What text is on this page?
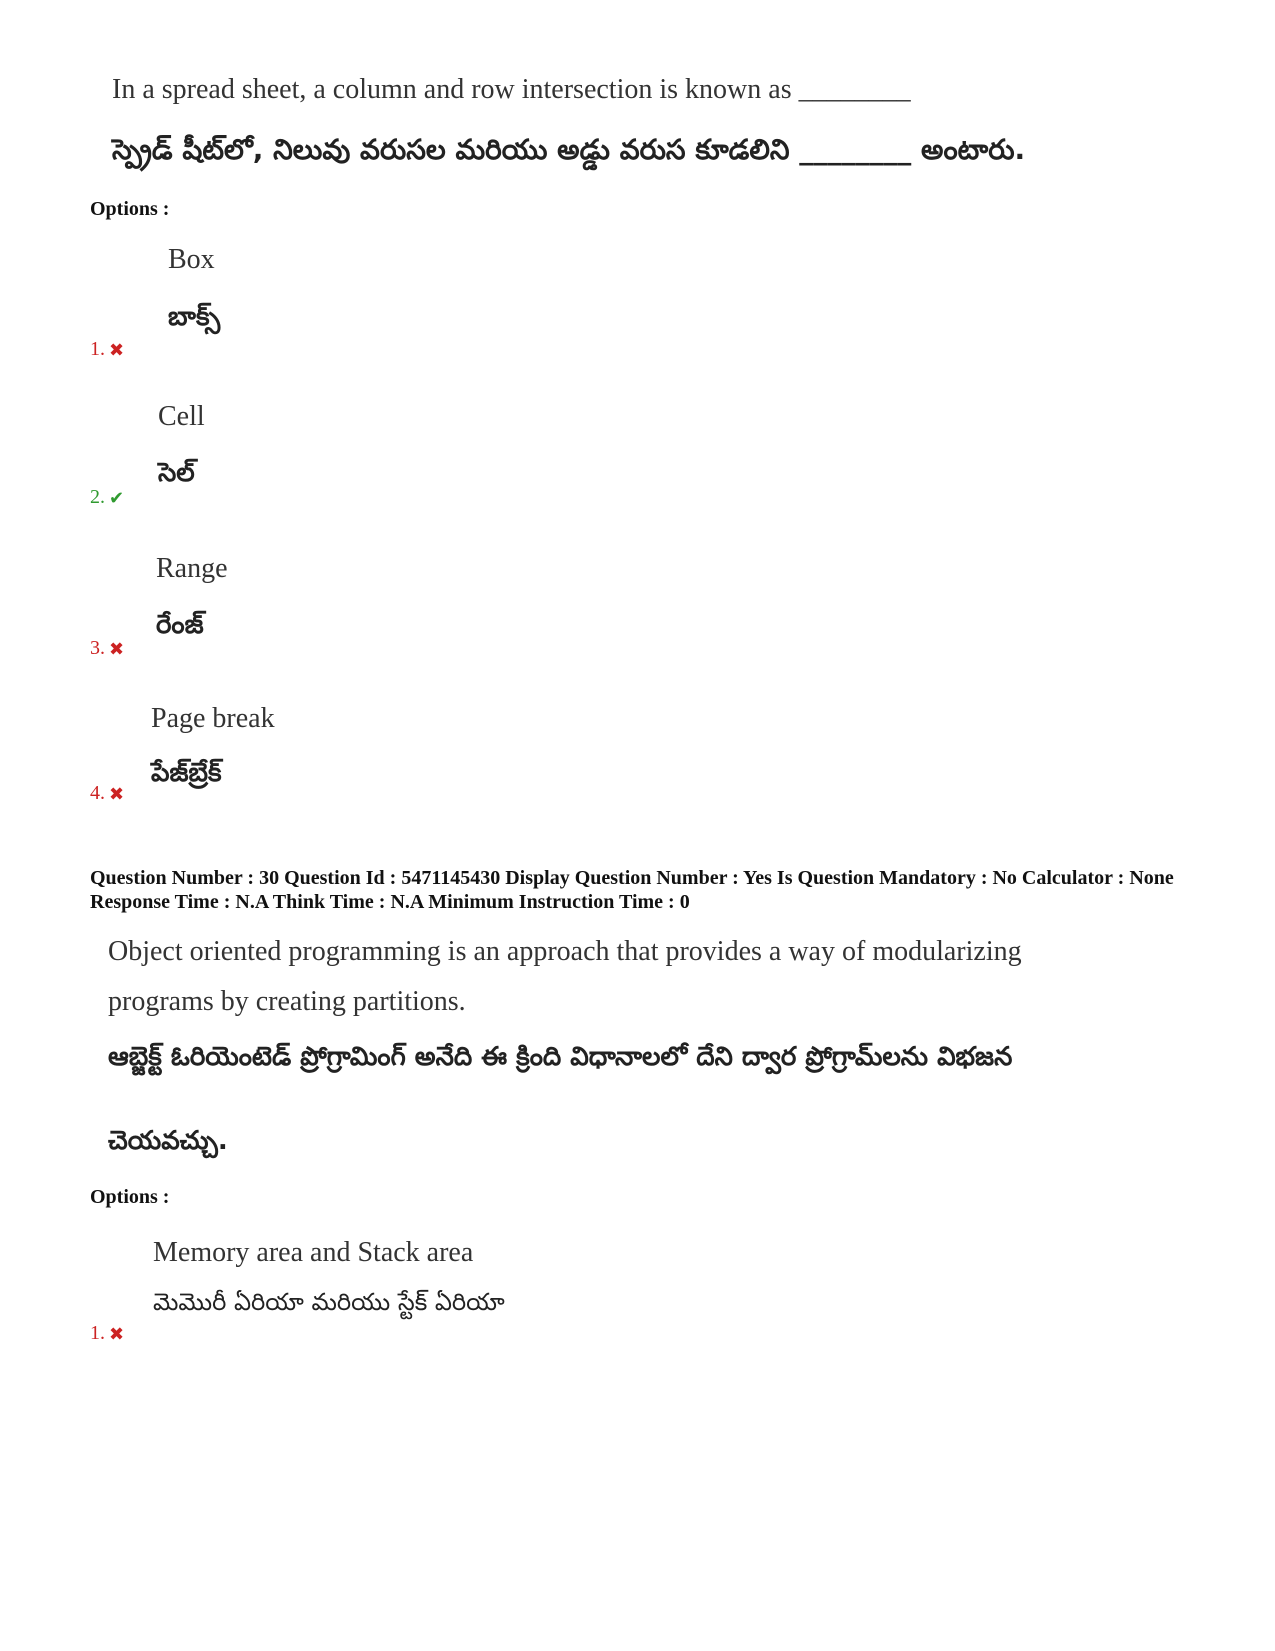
In a spread sheet, a column and row intersection is known as ________
స్ప్రెడ్ షీట్‌లో, నిలువు వరుసల మరియు అడ్డు వరుస కూడలిని ________ అంటారు.
Options :
Box
బాక్స్
1. ✖
Cell
సెల్
2. ✔
Range
రేంజ్
3. ✖
Page break
పేజ్‌బ్రేక్
4. ✖
Question Number : 30 Question Id : 5471145430 Display Question Number : Yes Is Question Mandatory : No Calculator : None Response Time : N.A Think Time : N.A Minimum Instruction Time : 0
Object oriented programming is an approach that provides a way of modularizing
programs by creating partitions.
ఆబ్జెక్ట్ ఓరియెంటెడ్ ప్రోగ్రామింగ్ అనేది ఈ క్రింది విధానాలలో దేని ద్వార ప్రోగ్రామ్‌లను విభజన
చెయవచ్చు.
Options :
Memory area and Stack area
మెమొరీ ఏరియా మరియు స్టేక్ ఏరియా
1. ✖
